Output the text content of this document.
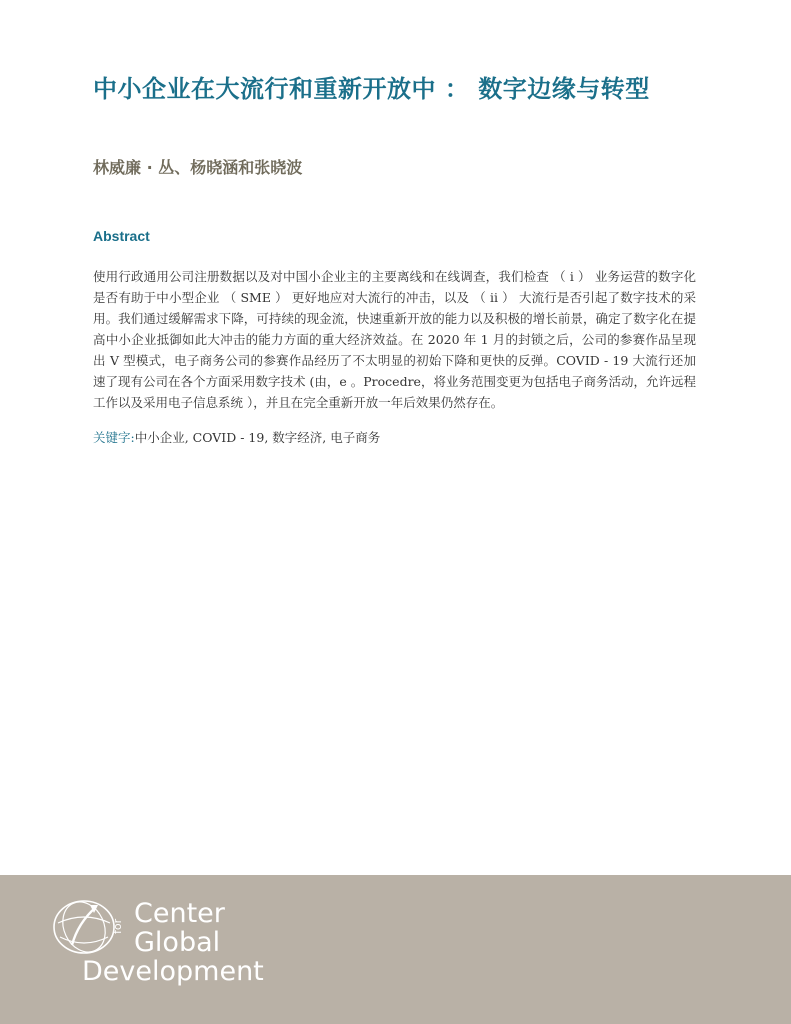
中小企业在大流行和重新开放中 ： 数字边缘与转型

林威廉 · 丛、杨晓涵和张晓波

Abstract

使用行政通用公司注册数据以及对中国小企业主的主要离线和在线调查，我们检查 （ i ） 业务运营的数字化是否有助于中小型企业 （ SME ） 更好地应对大流行的冲击，以及 （ ii ） 大流行是否引起了数字技术的采用。我们通过缓解需求下降，可持续的现金流，快速重新开放的能力以及积极的增长前景，确定了数字化在提高中小企业抵御如此大冲击的能力方面的重大经济效益。在 2020 年 1 月的封锁之后，公司的参赛作品呈现出 V 型模式，电子商务公司的参赛作品经历了不太明显的初始下降和更快的反弹。COVID - 19 大流行还加速了现有公司在各个方面采用数字技术 (由，e 。Procedre，将业务范围变更为包括电子商务活动，允许远程工作以及采用电子信息系统 ），并且在完全重新开放一年后效果仍然存在。

关键字:中小企业, COVID - 19, 数字经济, 电子商务

Center
for
Global
Development
